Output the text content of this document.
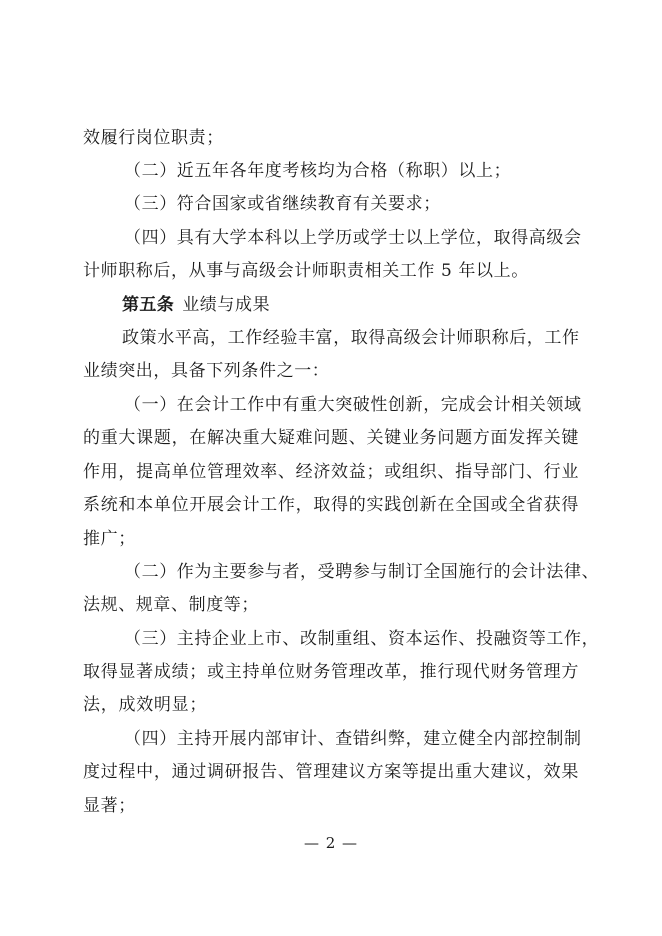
效履行岗位职责；
（二）近五年各年度考核均为合格（称职）以上；
（三）符合国家或省继续教育有关要求；
（四）具有大学本科以上学历或学士以上学位，取得高级会
计师职称后，从事与高级会计师职责相关工作 5 年以上。
第五条 业绩与成果
政策水平高，工作经验丰富，取得高级会计师职称后，工作
业绩突出，具备下列条件之一：
（一）在会计工作中有重大突破性创新，完成会计相关领域
的重大课题，在解决重大疑难问题、关键业务问题方面发挥关键
作用，提高单位管理效率、经济效益；或组织、指导部门、行业
系统和本单位开展会计工作，取得的实践创新在全国或全省获得
推广；
（二）作为主要参与者，受聘参与制订全国施行的会计法律、
法规、规章、制度等；
（三）主持企业上市、改制重组、资本运作、投融资等工作，
取得显著成绩；或主持单位财务管理改革，推行现代财务管理方
法，成效明显；
（四）主持开展内部审计、查错纠弊，建立健全内部控制制
度过程中，通过调研报告、管理建议方案等提出重大建议，效果
显著；
— 2 —
